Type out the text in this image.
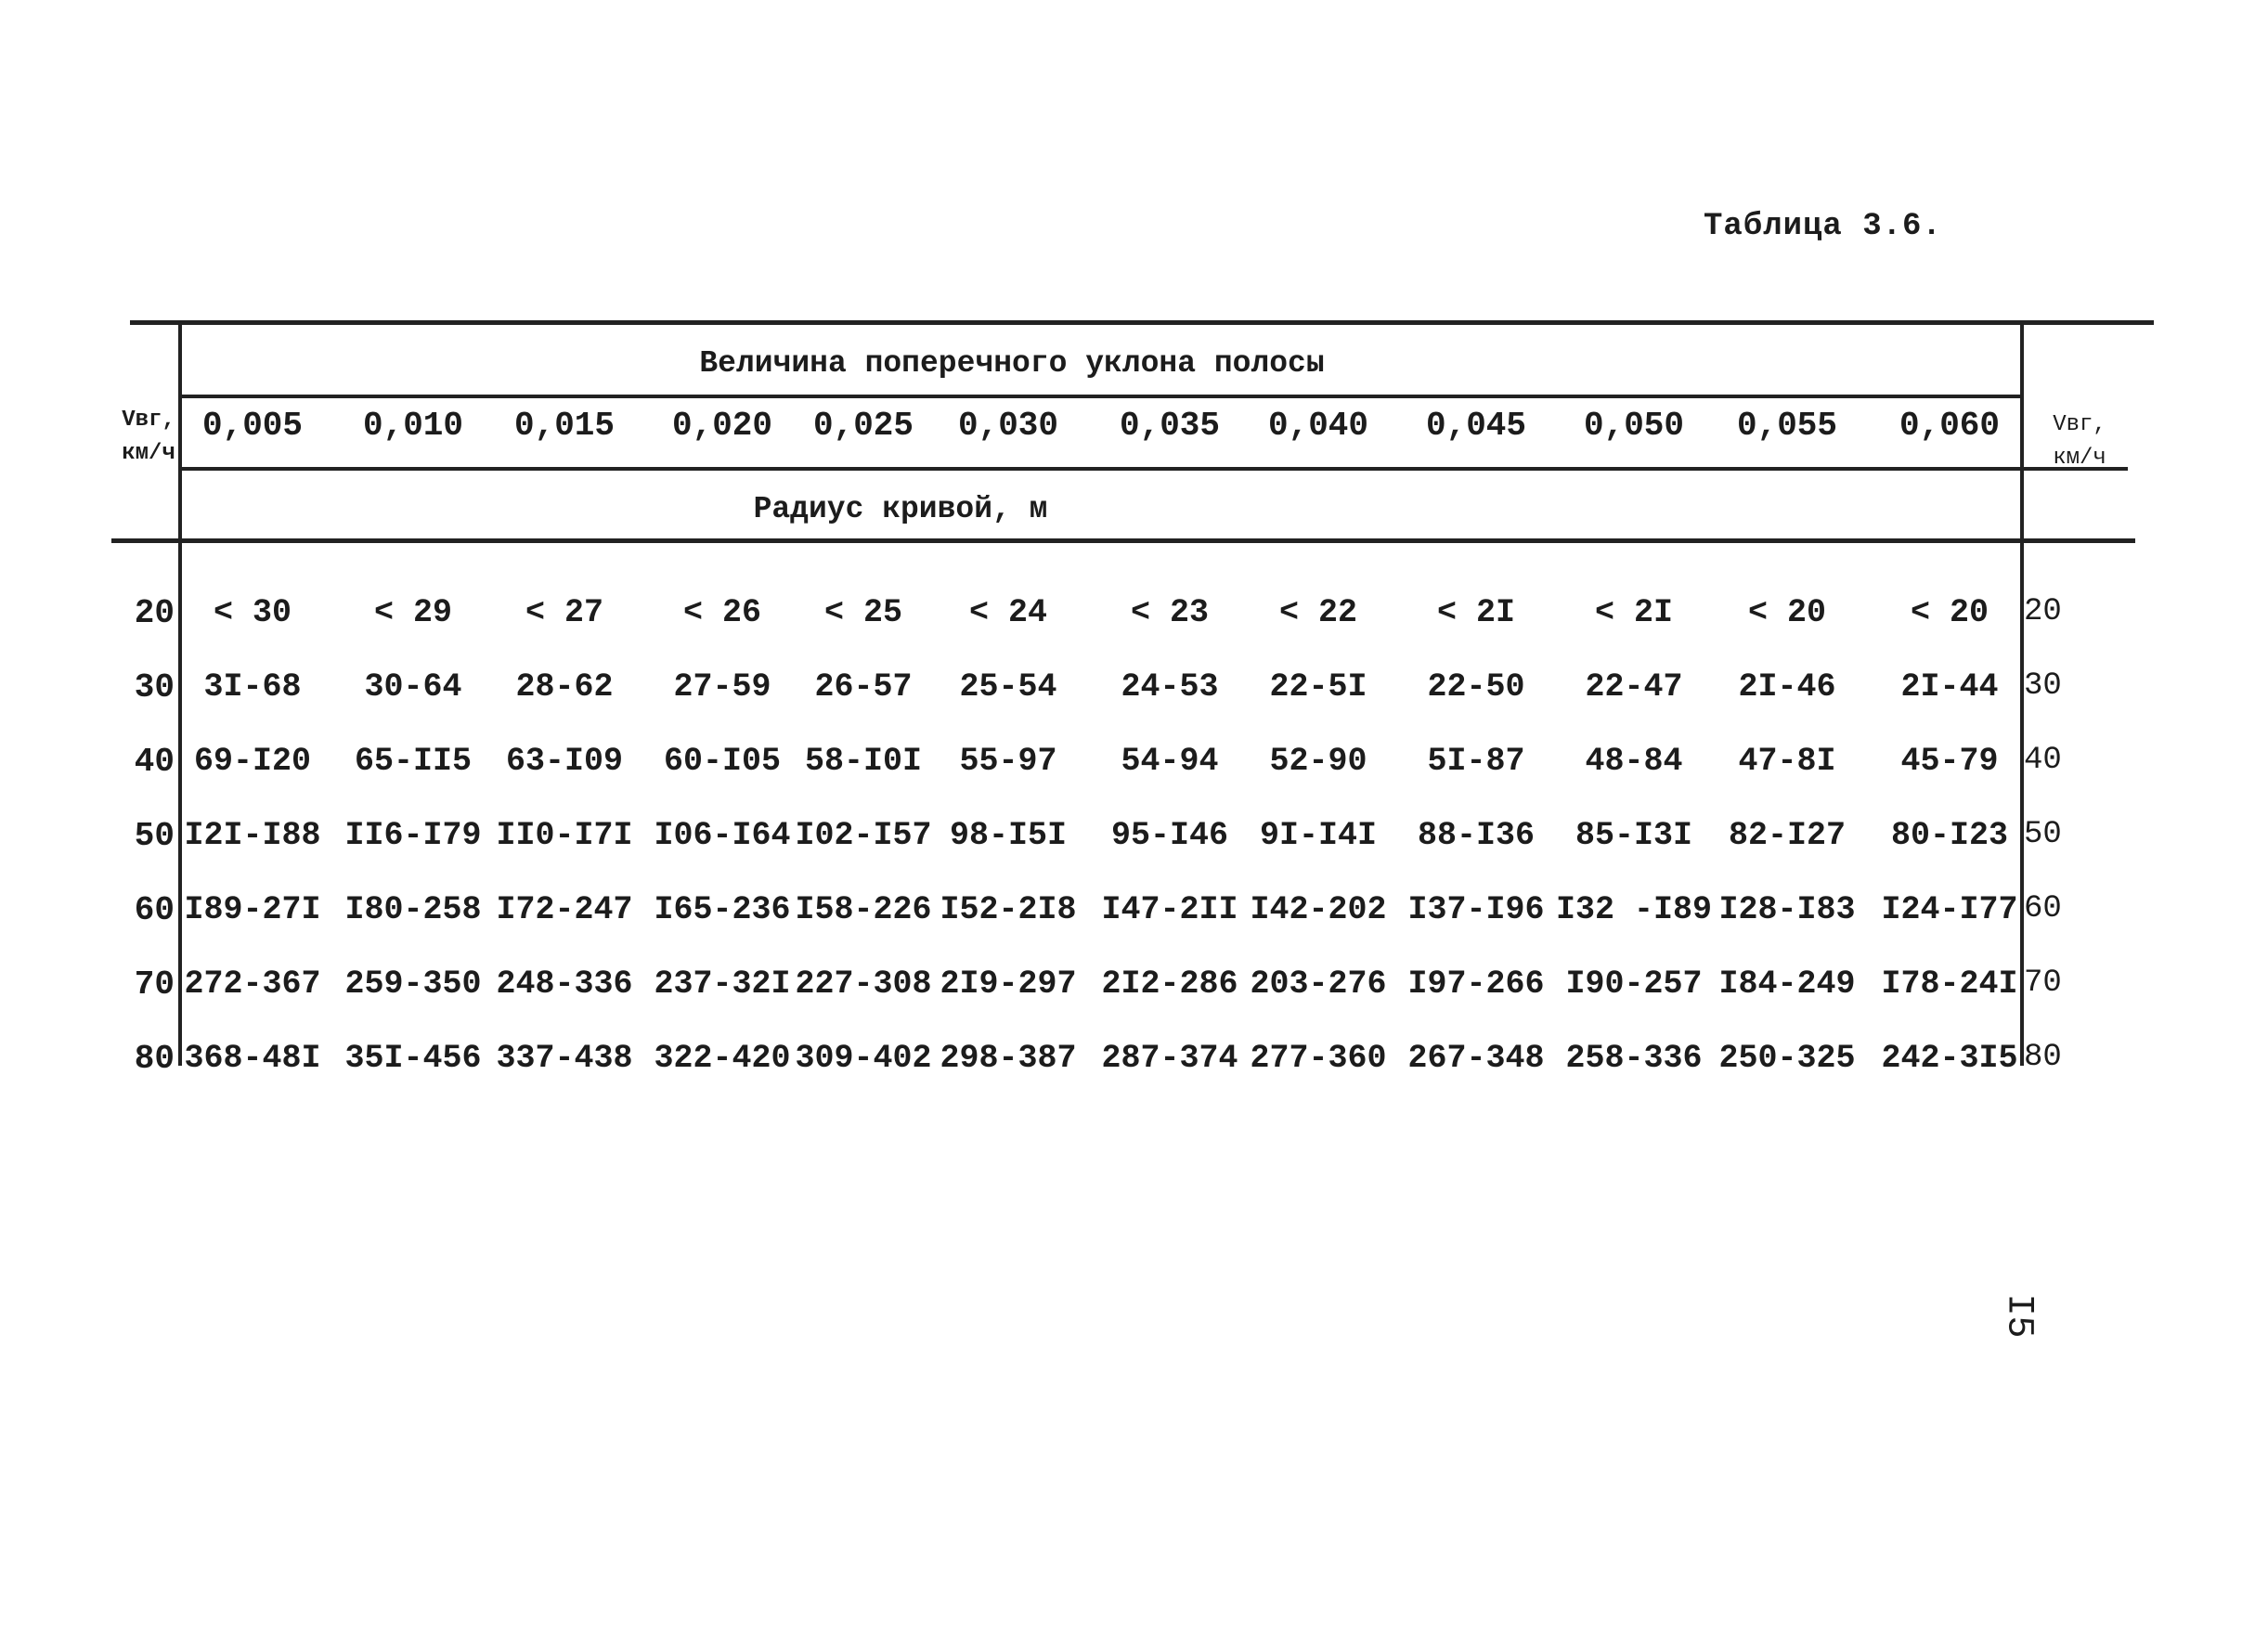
Таблица 3.6.
Величина поперечного уклона полосы
Радиус кривой, м
Vвг,
км/ч
Vвг,
км/ч
0,005 0,010 0,015 0,020 0,025 0,030 0,035 0,040 0,045 0,050 0,055 0,060
20 < 30	< 29 < 27 < 26 < 25 < 24	< 23 < 22 < 2I < 2I < 20	< 20 20
30 3I-68 30-64 28-62 27-59 26-57 25-54 24-53 22-5I 22-50 22-47 2I-46 2I-44 30
40 69-I20 65-II5 63-I09 60-I05 58-I0I 55-97 54-94 52-90 5I-87 48-84 47-8I 45-79 40
50 I2I-I88 II6-I79 II0-I7I I06-I64 I02-I57 98-I5I 95-I46 9I-I4I 88-I36 85-I3I 82-I27 80-I23 50
60 I89-27I I80-258 I72-247 I65-236 I58-226 I52-2I8 I47-2II I42-202 I37-I96 I32 -I89 I28-I83 I24-I77 60
70 272-367 259-350 248-336 237-32I 227-308 2I9-297 2I2-286 203-276 I97-266 I90-257 I84-249 I78-24I 70
80 368-48I 35I-456 337-438 322-420 309-402 298-387 287-374 277-360 267-348 258-336 250-325 242-3I5 80
I5
